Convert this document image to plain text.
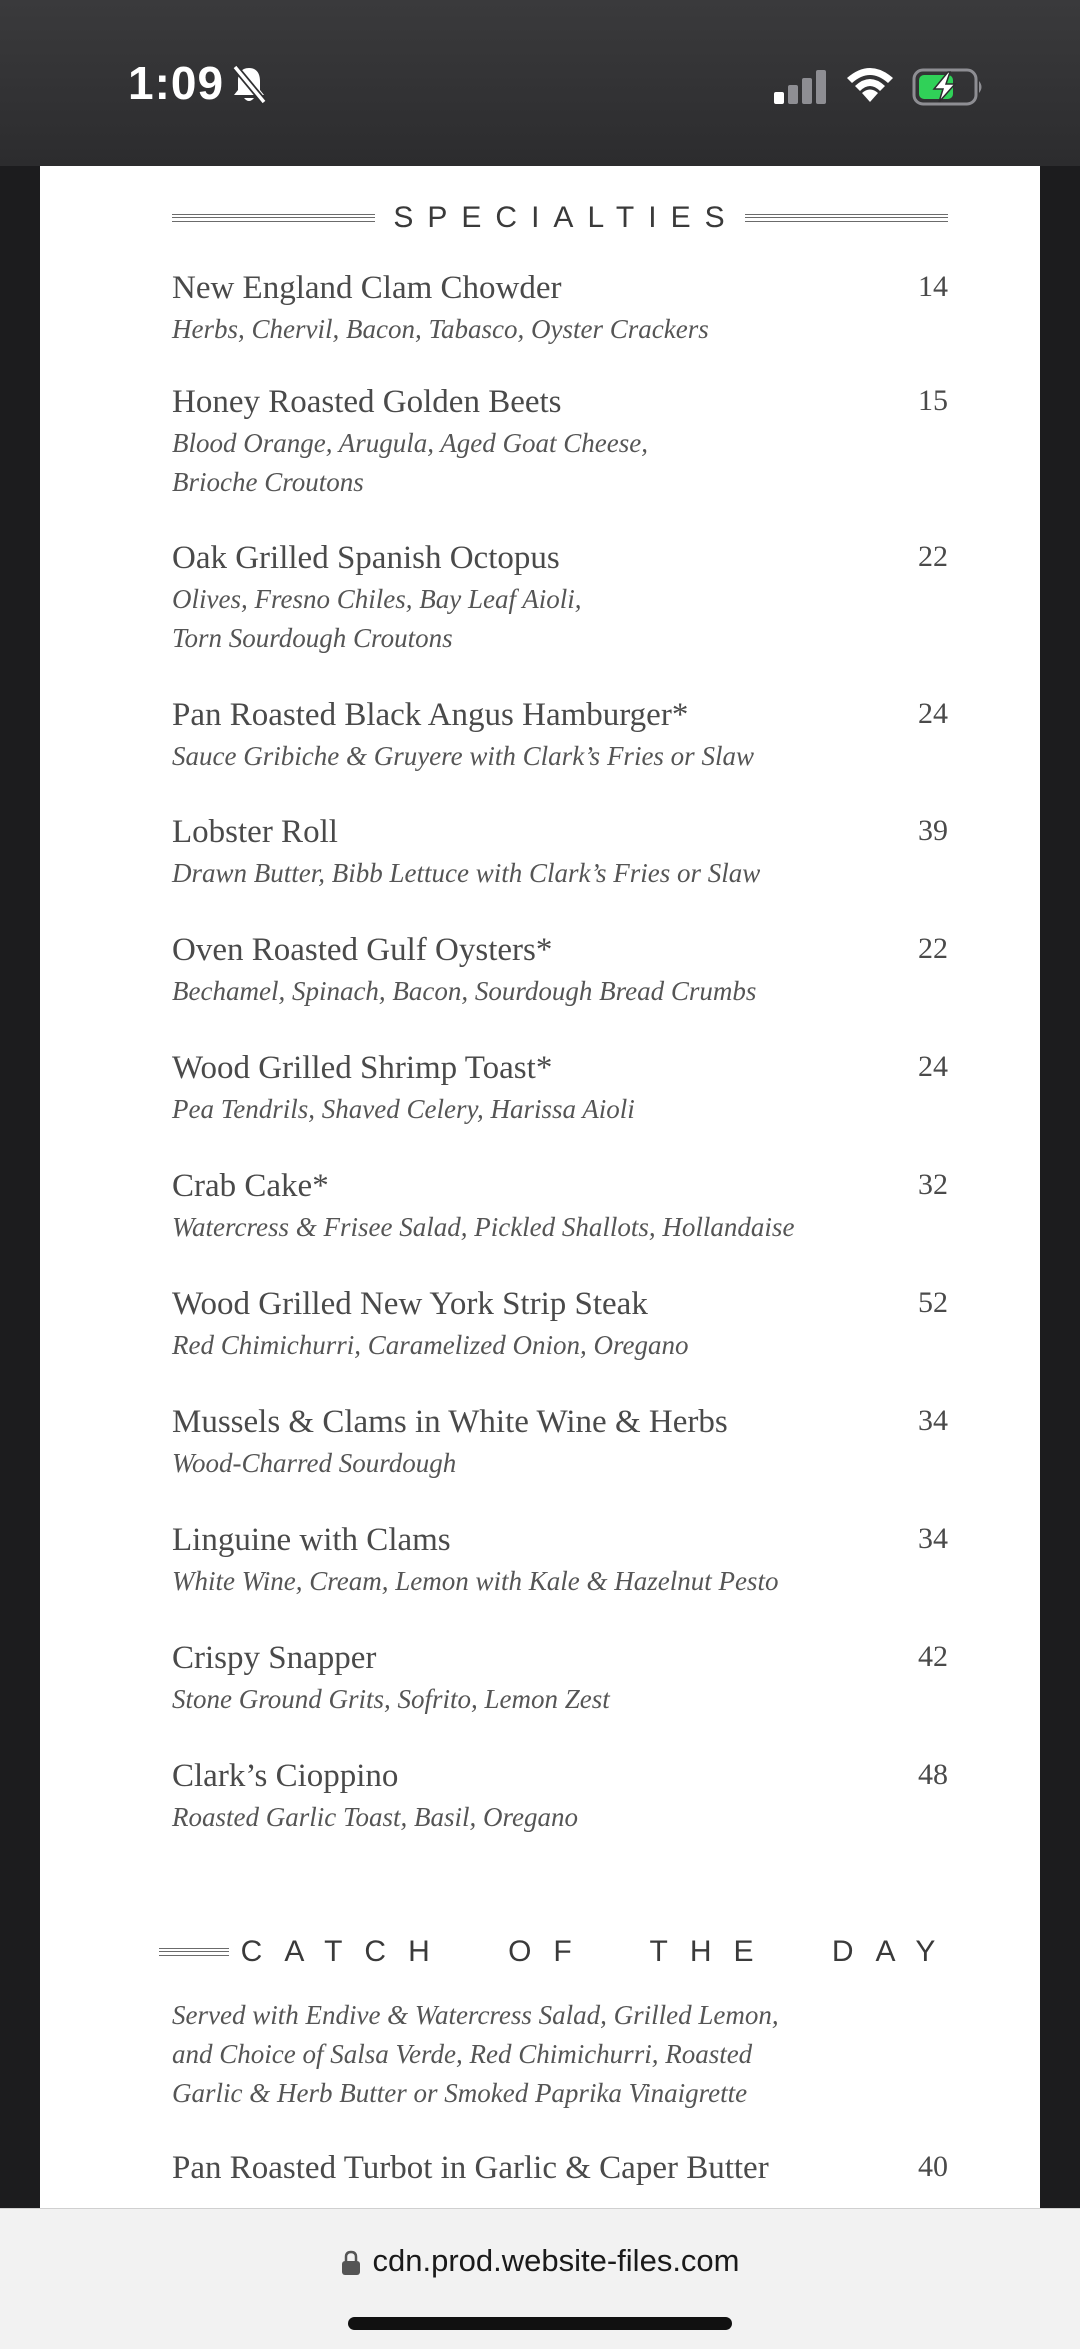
1:09
SPECIALTIES
New England Clam Chowder	14
Herbs, Chervil, Bacon, Tabasco, Oyster Crackers
Honey Roasted Golden Beets	15
Blood Orange, Arugula, Aged Goat Cheese,
Brioche Croutons
Oak Grilled Spanish Octopus	22
Olives, Fresno Chiles, Bay Leaf Aioli,
Torn Sourdough Croutons
Pan Roasted Black Angus Hamburger*	24
Sauce Gribiche & Gruyere with Clark’s Fries or Slaw
Lobster Roll	39
Drawn Butter, Bibb Lettuce with Clark’s Fries or Slaw
Oven Roasted Gulf Oysters*	22
Bechamel, Spinach, Bacon, Sourdough Bread Crumbs
Wood Grilled Shrimp Toast*	24
Pea Tendrils, Shaved Celery, Harissa Aioli
Crab Cake*	32
Watercress & Frisee Salad, Pickled Shallots, Hollandaise
Wood Grilled New York Strip Steak	52
Red Chimichurri, Caramelized Onion, Oregano
Mussels & Clams in White Wine & Herbs	34
Wood-Charred Sourdough
Linguine with Clams	34
White Wine, Cream, Lemon with Kale & Hazelnut Pesto
Crispy Snapper	42
Stone Ground Grits, Sofrito, Lemon Zest
Clark’s Cioppino	48
Roasted Garlic Toast, Basil, Oregano
CATCH OF THE DAY
Served with Endive & Watercress Salad, Grilled Lemon,
and Choice of Salsa Verde, Red Chimichurri, Roasted
Garlic & Herb Butter or Smoked Paprika Vinaigrette
Pan Roasted Turbot in Garlic & Caper Butter	40
cdn.prod.website-files.com
